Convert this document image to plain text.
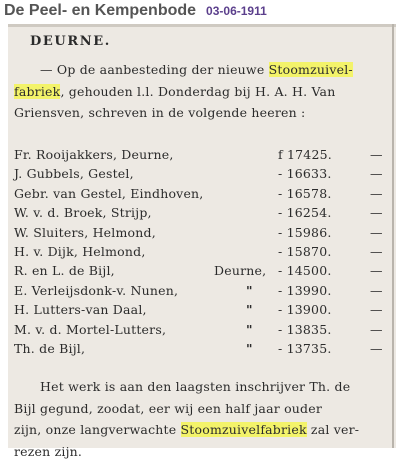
De Peel- en Kempenbode 03-06-1911
DEURNE.
— Op de aanbesteding der nieuwe Stoomzuivel-
fabriek, gehouden l.l. Donderdag bij H. A. H. Van
Griensven, schreven in de volgende heeren :
Fr. Rooijakkers, Deurne,	f 17425.	—
J. Gubbels, Gestel,	- 16633.	—
Gebr. van Gestel, Eindhoven,	- 16578.	—
W. v. d. Broek, Strijp,	- 16254.	—
W. Sluiters, Helmond,	- 15986.	—
H. v. Dijk, Helmond,	- 15870.	—
R. en L. de Bijl,	Deurne, - 14500.	—
E. Verleijsdonk-v. Nunen,	" - 13990.	—
H. Lutters-van Daal,	" - 13900.	—
M. v. d. Mortel-Lutters,	" - 13835.	—
Th. de Bijl,	" - 13735.	—
Het werk is aan den laagsten inschrijver Th. de
Bijl gegund, zoodat, eer wij een half jaar ouder
zijn, onze langverwachte Stoomzuivelfabriek zal ver-
rezen zijn.
